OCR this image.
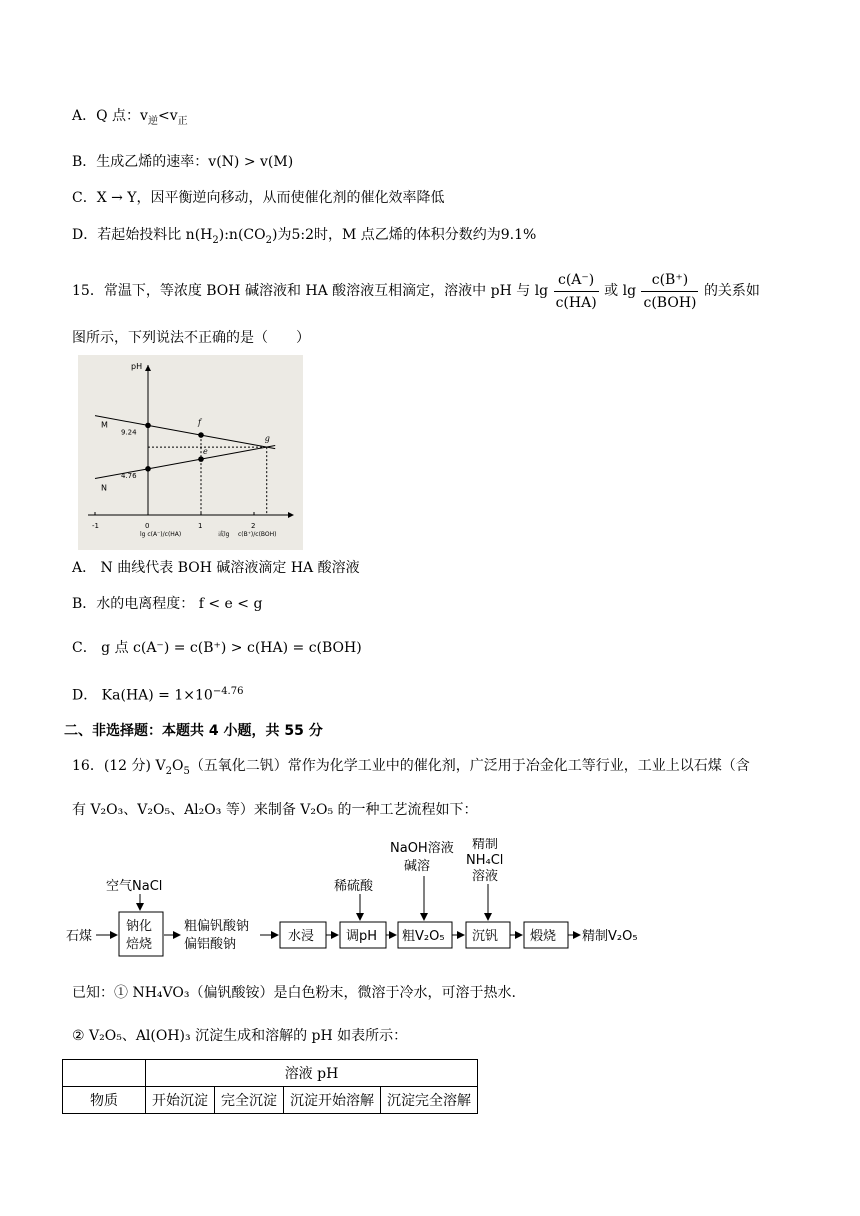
A．Q 点：$v_逆<v_正$
B．生成乙烯的速率：v(N) > v(M)
C．X → Y，因平衡逆向移动，从而使催化剂的催化效率降低
D．若起始投料比 $n(H_2):n(CO_2)$为5:2时，M 点乙烯的体积分数约为9.1%
15．常温下，等浓度 BOH 碱溶液和 HA 酸溶液互相滴定，溶液中 pH 与 $\lg \frac{c(A^-)}{c(HA)}$ 或 $\lg \frac{c(B^+)}{\text{c(BOH)}}$ 的关系如
图所示，下列说法不正确的是（　　）
-1	0	1	2
9.24
4.76
M
N
f
e
g
pH
lg c(A⁻)/c(HA)	或lg c(B⁺)/c(BOH)
A． N 曲线代表 BOH 碱溶液滴定 HA 酸溶液
B．水的电离程度： f < e < g
C． g 点 c(A⁻) = c(B⁺) > c(HA) = c(BOH)
D． $Ka(HA) = 1\times 10^{-4.76}$
二、非选择题：本题共 4 小题，共 55 分
16．(12 分) $V_2O_5$（五氧化二钒）常作为化学工业中的催化剂，广泛用于冶金化工等行业，工业上以石煤（含
有 V₂O₃、V₂O₅、Al₂O₃ 等）来制备 V₂O₅ 的一种工艺流程如下：
石煤
空气NaCl
钠化
焙烧
粗偏钒酸钠
偏铝酸钠
水浸
稀硫酸
调pH
NaOH溶液
碱溶
粗V₂O₅
精制
NH₄Cl
溶液
沉钒 煅烧 精制V₂O₅
已知：① NH₄VO₃（偏钒酸铵）是白色粉末，微溶于冷水，可溶于热水.
② V₂O₅、Al(OH)₃ 沉淀生成和溶解的 pH 如表所示：
	溶液 pH			
物质	开始沉淀	完全沉淀	沉淀开始溶解	沉淀完全溶解
